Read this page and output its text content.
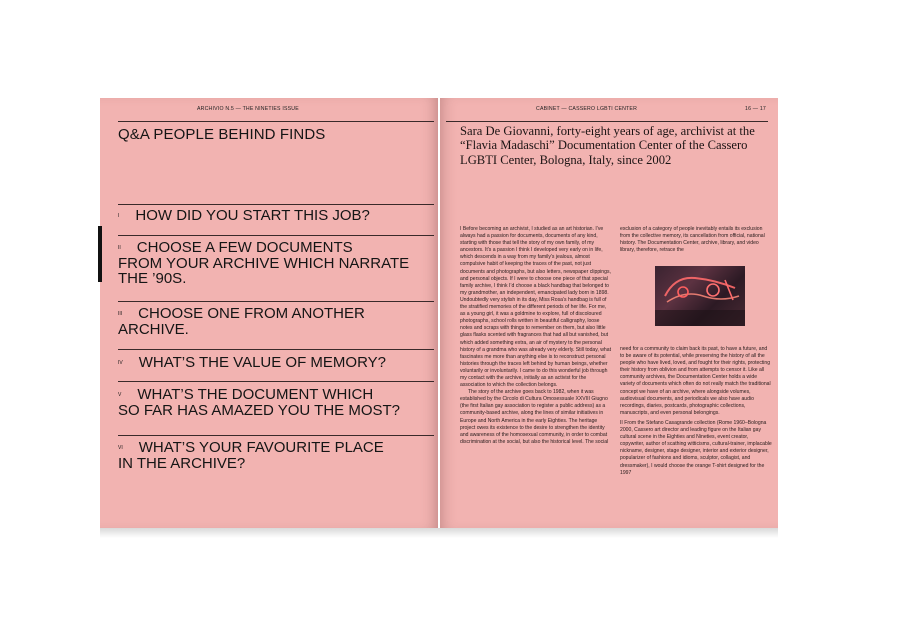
ARCHIVIO N.5 — THE NINETIES ISSUE
Q&A PEOPLE BEHIND FINDS
I HOW DID YOU START THIS JOB?
II CHOOSE A FEW DOCUMENTS
FROM YOUR ARCHIVE WHICH NARRATE
THE ’90S.
III CHOOSE ONE FROM ANOTHER
ARCHIVE.
IV WHAT’S THE VALUE OF MEMORY?
V WHAT’S THE DOCUMENT WHICH
SO FAR HAS AMAZED YOU THE MOST?
VI WHAT’S YOUR FAVOURITE PLACE
IN THE ARCHIVE?
CABINET — CASSERO LGBTI CENTER	16 — 17
Sara De Giovanni, forty-eight years of age, archivist at the “Flavia Madaschi” Documentation Center of the Cassero LGBTI Center, Bologna, Italy, since 2002

I Before becoming an archivist, I studied as an art historian. I’ve always had a passion for documents, documents of any kind, starting with those that tell the story of my own family, of my ancestors. It’s a passion I think I developed very early on in life, which descends in a way from my family’s jealous, almost compulsive habit of keeping the traces of the past, not just documents and photographs, but also letters, newspaper clippings, and personal objects. If I were to choose one piece of that special family archive, I think I’d choose a black handbag that belonged to my grandmother, an independent, emancipated lady born in 1898. Undoubtedly very stylish in its day, Miss Rosa’s handbag is full of the stratified memories of the different periods of her life. For me, as a young girl, it was a goldmine to explore, full of discoloured photographs, school rolls written in beautiful calligraphy, loose notes and scraps with things to remember on them, but also little glass flasks scented with fragrances that had all but vanished, but which added something extra, an air of mystery to the personal history of a grandma who was already very elderly. Still today, what fascinates me more than anything else is to reconstruct personal histories through the traces left behind by human beings, whether voluntarily or involuntarily. I came to do this wonderful job through my contact with the archive, initially as an activist for the association to which the collection belongs.

The story of the archive goes back to 1982, when it was established by the Circolo di Cultura Omosessuale XXVIII Giugno (the first Italian gay association to register a public address) as a community-based archive, along the lines of similar initiatives in Europe and North America in the early Eighties. The heritage project owes its existence to the desire to strengthen the identity and awareness of the homosexual community, in order to combat discrimination at the social, but also the historical level. The social

exclusion of a category of people inevitably entails its exclusion from the collective memory, its cancellation from official, national history. The Documentation Center, archive, library, and video library, therefore, retrace the

need for a community to claim back its past, to have a future, and to be aware of its potential, while preserving the history of all the people who have lived, loved, and fought for their rights, protecting their history from oblivion and from attempts to censor it. Like all community archives, the Documentation Center holds a wide variety of documents which often do not really match the traditional concept we have of an archive, where alongside volumes, audiovisual documents, and periodicals we also have audio recordings, diaries, postcards, photographic collections, manuscripts, and even personal belongings.

II From the Stefano Casagrande collection (Rome 1960–Bologna 2000, Cassero art director and leading figure on the Italian gay cultural scene in the Eighties and Nineties, event creator, copywriter, author of scathing witticisms, cultural-trainer, implacable nickname, designer, stage designer, interior and exterior designer, popularizer of fashions and idioms, sculptor, collagist, and dressmaker), I would choose the orange T-shirt designed for the 1997
